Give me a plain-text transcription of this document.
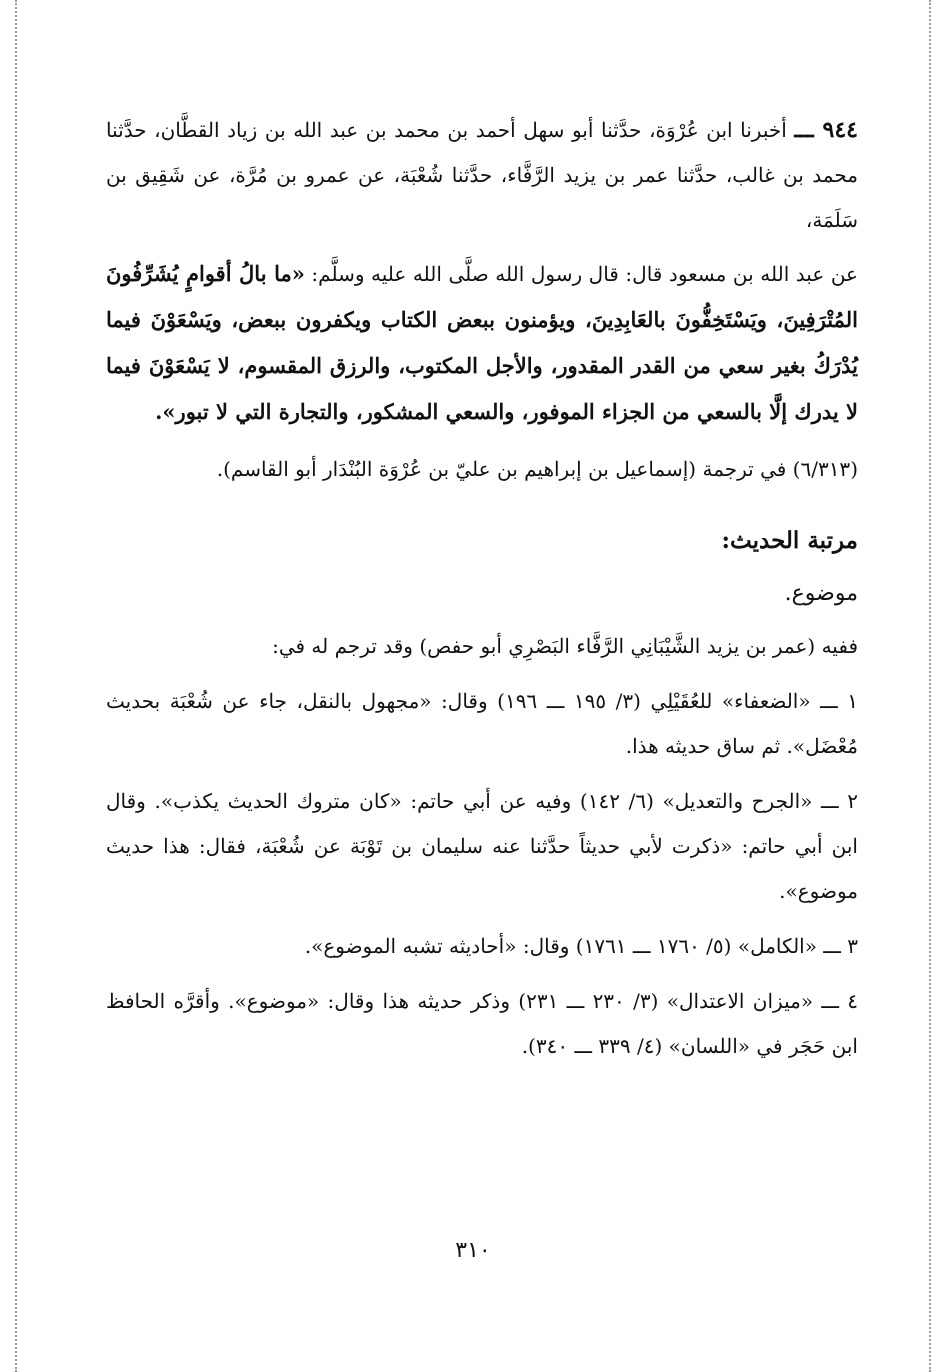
٩٤٤ ـــ أخبرنا ابن عُرْوَة، حدَّثنا أبو سهل أحمد بن محمد بن عبد الله بن زياد القطَّان، حدَّثنا محمد بن غالب، حدَّثنا عمر بن يزيد الرَّفَّاء، حدَّثنا شُعْبَة، عن عمرو بن مُرَّة، عن شَقِيق بن سَلَمَة،

عن عبد الله بن مسعود قال: قال رسول الله صلَّى الله عليه وسلَّم: «ما بالُ أقوامٍ يُشَرِّفُونَ المُتْرَفِينَ، ويَسْتَخِفُّونَ بالعَابِدِينَ، ويؤمنون ببعض الكتاب ويكفرون ببعض، ويَسْعَوْنَ فيما يُدْرَكُ بغير سعي من القدر المقدور، والأجل المكتوب، والرزق المقسوم، لا يَسْعَوْنَ فيما لا يدرك إلَّا بالسعي من الجزاء الموفور، والسعي المشكور، والتجارة التي لا تبور».

(٦/٣١٣) في ترجمة (إسماعيل بن إبراهيم بن عليّ بن عُرْوَة البُنْدَار أبو القاسم).

مرتبة الحديث:

موضوع.

ففيه (عمر بن يزيد الشَّيْبَانِي الرَّفَّاء البَصْرِي أبو حفص) وقد ترجم له في:

١ ـــ «الضعفاء» للعُقَيْلِي (٣/ ١٩٥ ـــ ١٩٦) وقال: «مجهول بالنقل، جاء عن شُعْبَة بحديث مُعْضَل». ثم ساق حديثه هذا.

٢ ـــ «الجرح والتعديل» (٦/ ١٤٢) وفيه عن أبي حاتم: «كان متروك الحديث يكذب». وقال ابن أبي حاتم: «ذكرت لأبي حديثاً حدَّثنا عنه سليمان بن تَوْبَة عن شُعْبَة، فقال: هذا حديث موضوع».

٣ ـــ «الكامل» (٥/ ١٧٦٠ ـــ ١٧٦١) وقال: «أحاديثه تشبه الموضوع».

٤ ـــ «ميزان الاعتدال» (٣/ ٢٣٠ ـــ ٢٣١) وذكر حديثه هذا وقال: «موضوع». وأقرَّه الحافظ ابن حَجَر في «اللسان» (٤/ ٣٣٩ ـــ ٣٤٠).

٣١٠
